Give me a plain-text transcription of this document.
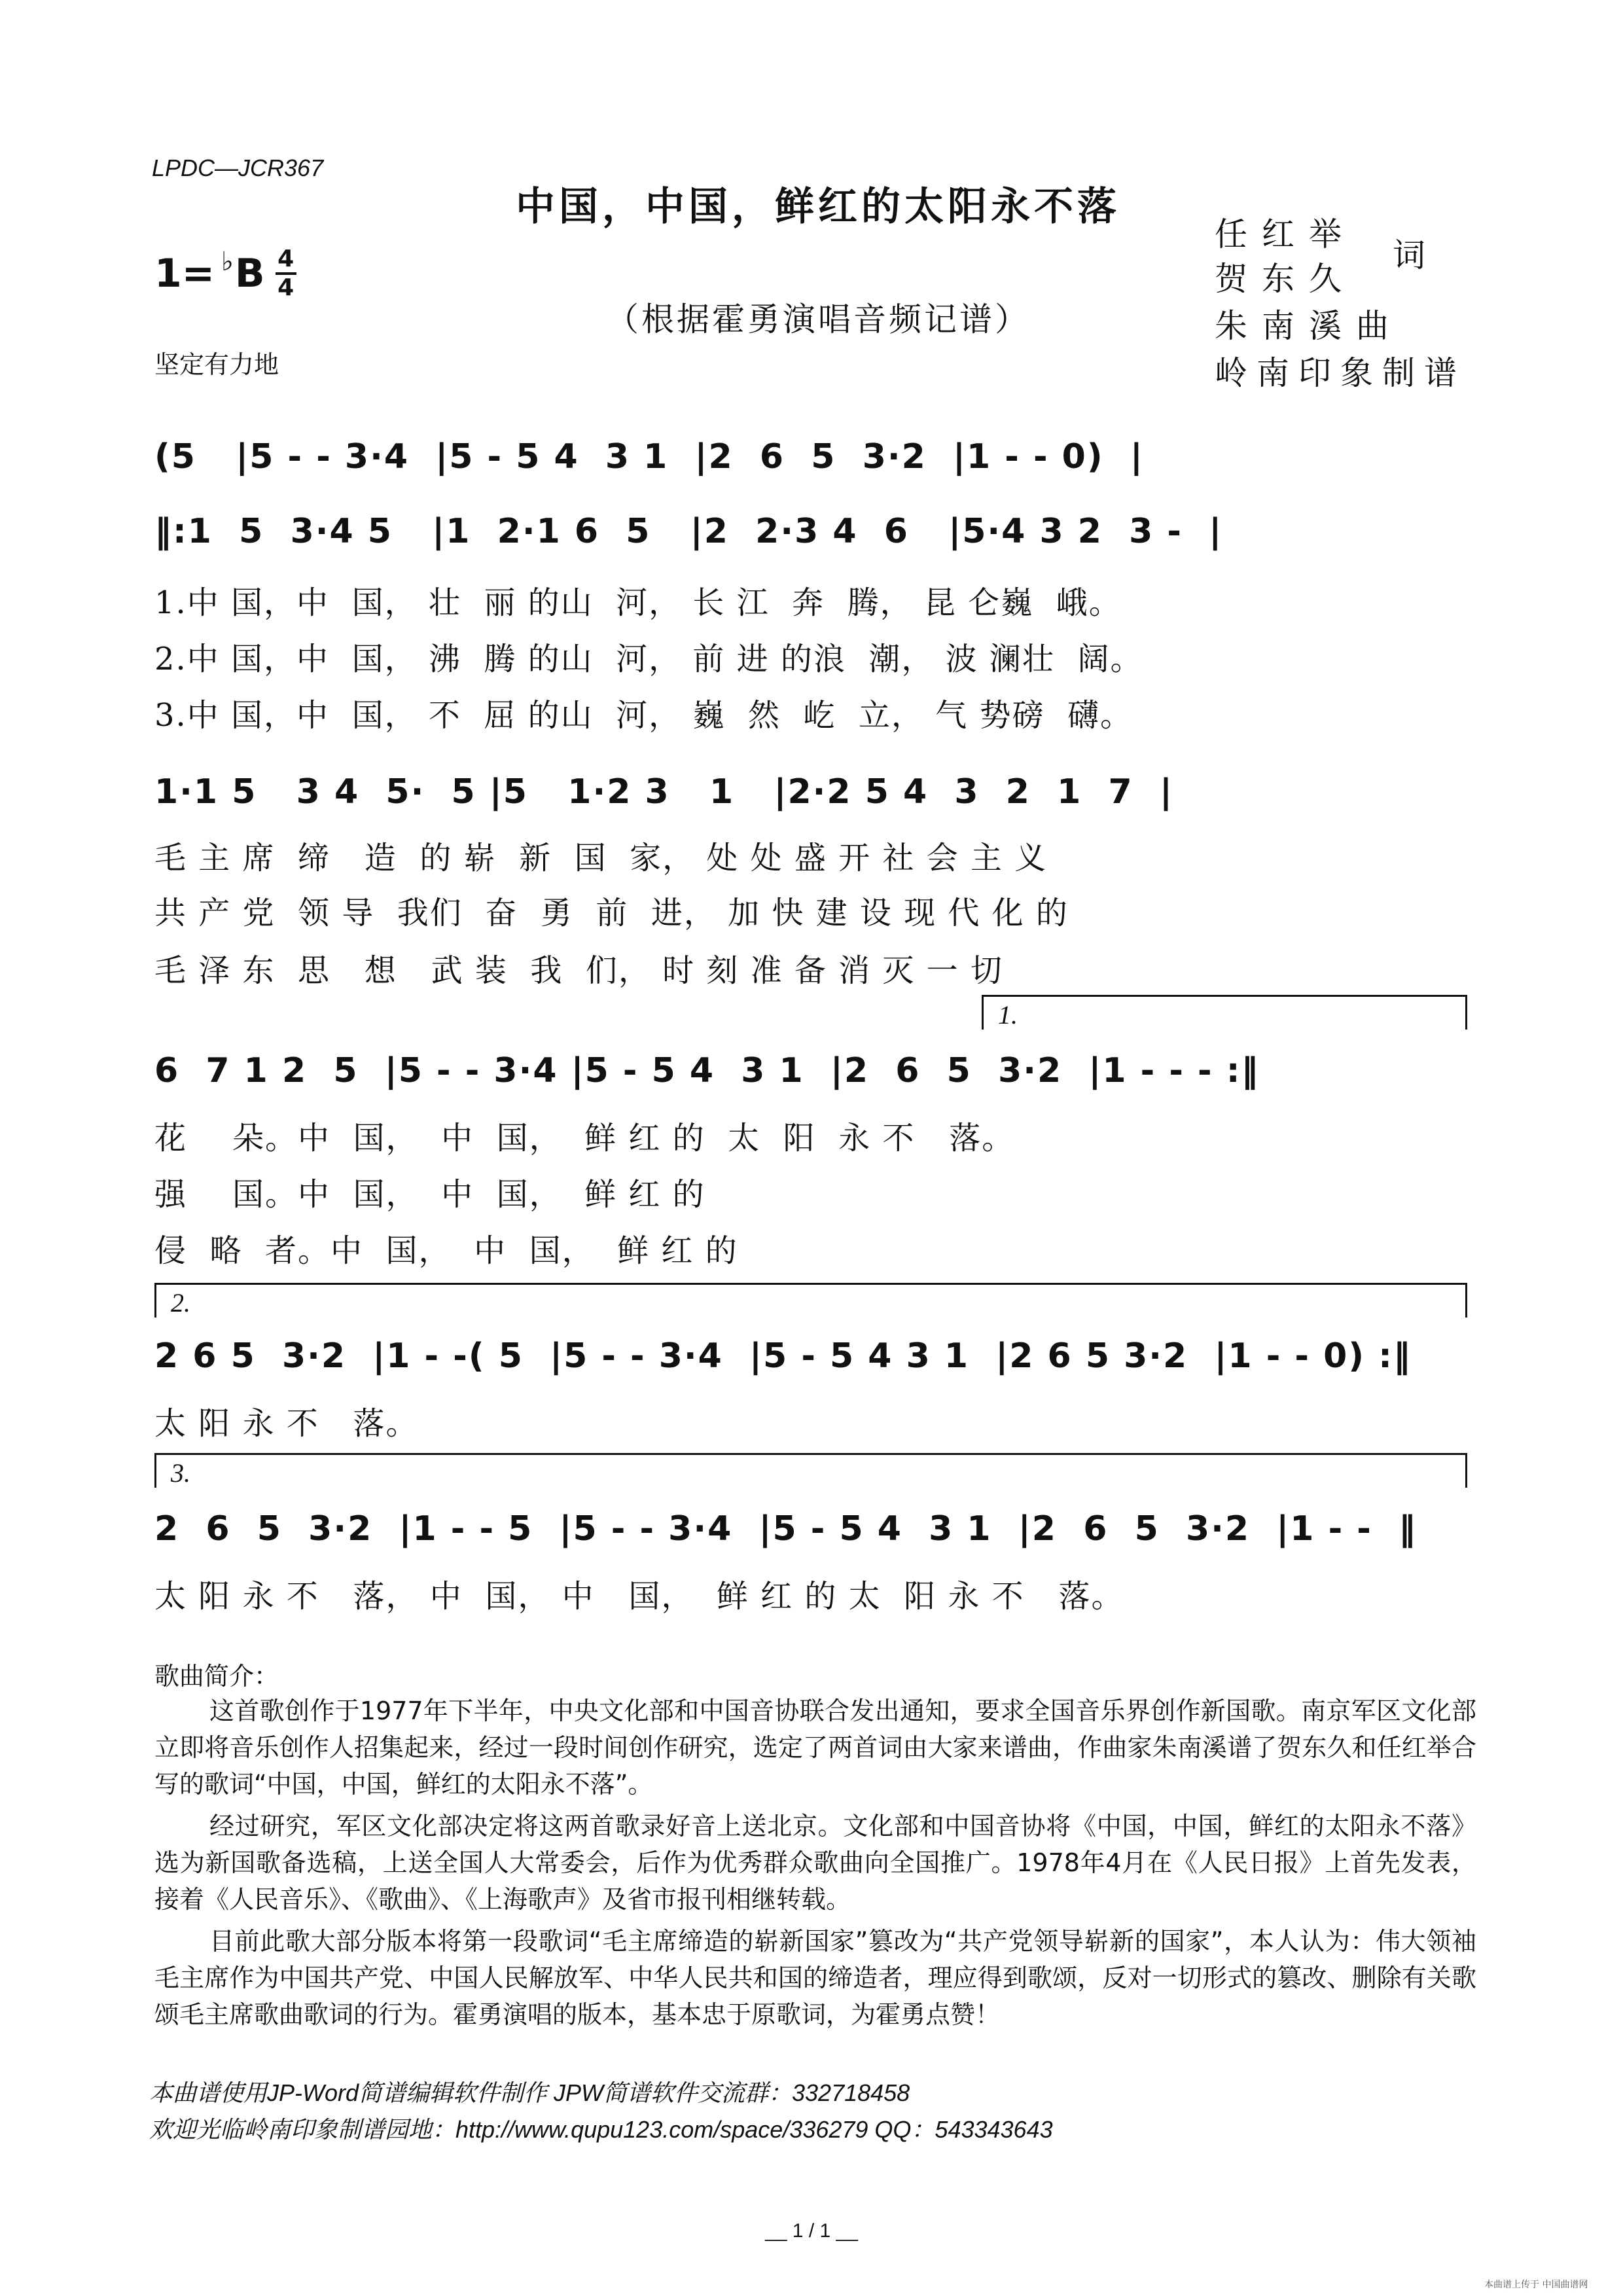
LPDC—JCR367
中国，中国，鲜红的太阳永不落
（根据霍勇演唱音频记谱）
1= ♭ B $\frac{4}{4}$
坚定有力地
任红举
贺东久
词
朱南溪曲
岭南印象制谱
(5   |5 - - 3·4  |5 - 5 4  3 1  |2  6  5  3·2  |1 - - 0)  |
‖:1  5  3·4 5   |1  2·1 6  5   |2  2·3 4  6   |5·4 3 2  3 -  |
1.中 国，中  国， 壮  丽 的山  河， 长 江  奔  腾， 昆 仑巍  峨。
2.中 国，中  国， 沸  腾 的山  河， 前 进 的浪  潮， 波 澜壮  阔。
3.中 国，中  国， 不  屈 的山  河， 巍  然  屹  立， 气 势磅  礴。
1·1 5   3 4  5·  5 |5   1·2 3   1   |2·2 5 4  3  2  1  7  |
毛 主 席  缔   造  的 崭  新  国  家， 处 处 盛 开 社 会 主 义
共 产 党  领 导  我们  奋  勇  前  进， 加 快 建 设 现 代 化 的
毛 泽 东  思   想   武 装  我  们， 时 刻 准 备 消 灭 一 切
1.
6  7 1 2  5  |5 - - 3·4 |5 - 5 4  3 1  |2  6  5  3·2  |1 - - - :‖
花    朵。中  国，  中  国，  鲜 红 的  太  阳  永 不   落。
强    国。中  国，  中  国，  鲜 红 的
侵  略  者。中  国，  中  国，  鲜 红 的
2.
2 6 5  3·2  |1 - -( 5  |5 - - 3·4  |5 - 5 4 3 1  |2 6 5 3·2  |1 - - 0) :‖
太 阳 永 不   落。
3.
2  6  5  3·2  |1 - - 5  |5 - - 3·4  |5 - 5 4  3 1  |2  6  5  3·2  |1 - -  ‖
太 阳 永 不   落， 中  国， 中   国，  鲜 红 的 太  阳 永 不   落。
歌曲简介：
这首歌创作于1977年下半年，中央文化部和中国音协联合发出通知，要求全国音乐界创作新国歌。南京军区文化部立即将音乐创作人招集起来，经过一段时间创作研究，选定了两首词由大家来谱曲，作曲家朱南溪谱了贺东久和任红举合写的歌词“中国，中国，鲜红的太阳永不落”。
经过研究，军区文化部决定将这两首歌录好音上送北京。文化部和中国音协将《中国，中国，鲜红的太阳永不落》选为新国歌备选稿，上送全国人大常委会，后作为优秀群众歌曲向全国推广。1978年4月在《人民日报》上首先发表，接着《人民音乐》、《歌曲》、《上海歌声》及省市报刊相继转载。
目前此歌大部分版本将第一段歌词“毛主席缔造的崭新国家”篡改为“共产党领导崭新的国家”，本人认为：伟大领袖毛主席作为中国共产党、中国人民解放军、中华人民共和国的缔造者，理应得到歌颂，反对一切形式的篡改、删除有关歌颂毛主席歌曲歌词的行为。霍勇演唱的版本，基本忠于原歌词，为霍勇点赞！
本曲谱使用JP-Word简谱编辑软件制作 JPW简谱软件交流群：332718458
欢迎光临岭南印象制谱园地：http://www.qupu123.com/space/336279 QQ：543343643
__ 1 / 1 __
本曲谱上传于 中国曲谱网
